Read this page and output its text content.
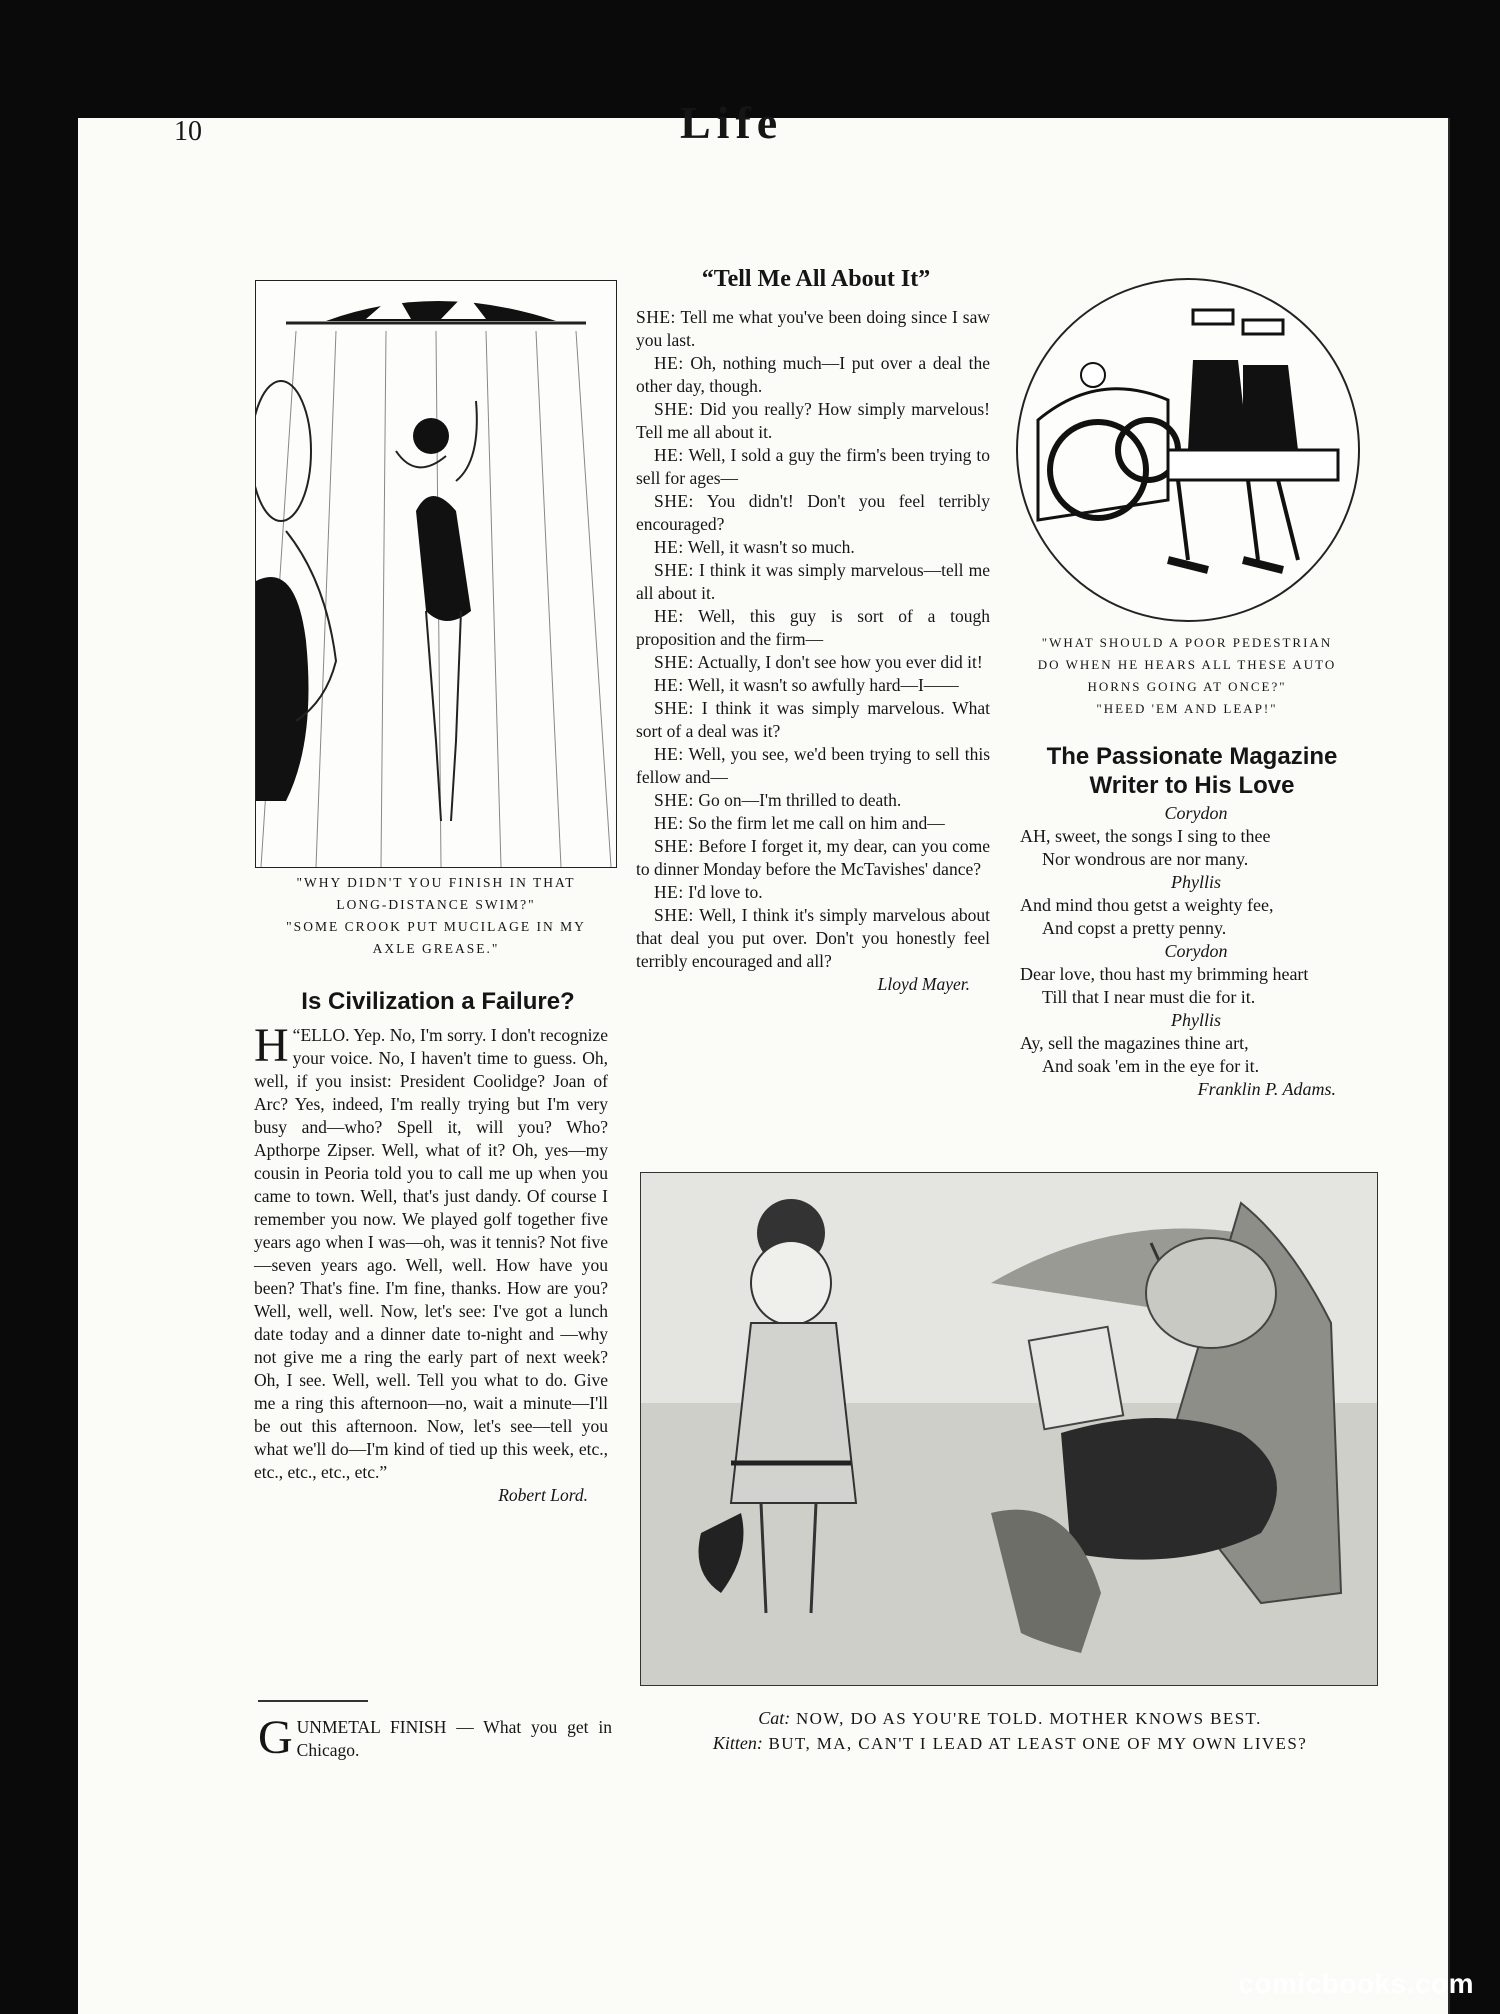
10	Life
"WHY DIDN'T YOU FINISH IN THAT
LONG-DISTANCE SWIM?"
"SOME CROOK PUT MUCILAGE IN MY
AXLE GREASE."
Is Civilization a Failure?

“
H ELLO. Yep. No, I'm sorry. I don't recognize your voice. No, I haven't time to guess. Oh, well, if you insist: President Coolidge? Joan of Arc? Yes, indeed, I'm really trying but I'm very busy and—who? Spell it, will you? Who? Apthorpe Zipser. Well, what of it? Oh, yes—my cousin in Peoria told you to call me up when you came to town. Well, that's just dandy. Of course I remember you now. We played golf together five years ago when I was—oh, was it tennis? Not five—seven years ago. Well, well. How have you been? That's fine. I'm fine, thanks. How are you? Well, well, well. Now, let's see: I've got a lunch date today and a dinner date to-night and —why not give me a ring the early part of next week? Oh, I see. Well, well. Tell you what to do. Give me a ring this afternoon—no, wait a minute—I'll be out this afternoon. Now, let's see—tell you what we'll do—I'm kind of tied up this week, etc., etc., etc., etc., etc.”

Robert Lord.

GUNMETAL FINISH — What you get in Chicago.

“Tell Me All About It”

SHE: Tell me what you've been doing since I saw you last.

HE: Oh, nothing much—I put over a deal the other day, though.

SHE: Did you really? How simply marvelous! Tell me all about it.

HE: Well, I sold a guy the firm's been trying to sell for ages—

SHE: You didn't! Don't you feel terribly encouraged?

HE: Well, it wasn't so much.

SHE: I think it was simply marvelous—tell me all about it.

HE: Well, this guy is sort of a tough proposition and the firm—

SHE: Actually, I don't see how you ever did it!

HE: Well, it wasn't so awfully hard—I——

SHE: I think it was simply marvelous. What sort of a deal was it?

HE: Well, you see, we'd been trying to sell this fellow and—

SHE: Go on—I'm thrilled to death.

HE: So the firm let me call on him and—

SHE: Before I forget it, my dear, can you come to dinner Monday before the McTavishes' dance?

HE: I'd love to.

SHE: Well, I think it's simply marvelous about that deal you put over. Don't you honestly feel terribly encouraged and all?

Lloyd Mayer.
"WHAT SHOULD A POOR PEDESTRIAN
DO WHEN HE HEARS ALL THESE AUTO
HORNS GOING AT ONCE?"
"HEED 'EM AND LEAP!"
The Passionate Magazine
Writer to His Love
Corydon
AH, sweet, the songs I sing to thee
Nor wondrous are nor many.
Phyllis
And mind thou getst a weighty fee,
And copst a pretty penny.
Corydon
Dear love, thou hast my brimming heart
Till that I near must die for it.
Phyllis
Ay, sell the magazines thine art,
And soak 'em in the eye for it.
Franklin P. Adams.
Cat: NOW, DO AS YOU'RE TOLD. MOTHER KNOWS BEST.
Kitten: BUT, MA, CAN'T I LEAD AT LEAST ONE OF MY OWN LIVES?
comicbooks.com
